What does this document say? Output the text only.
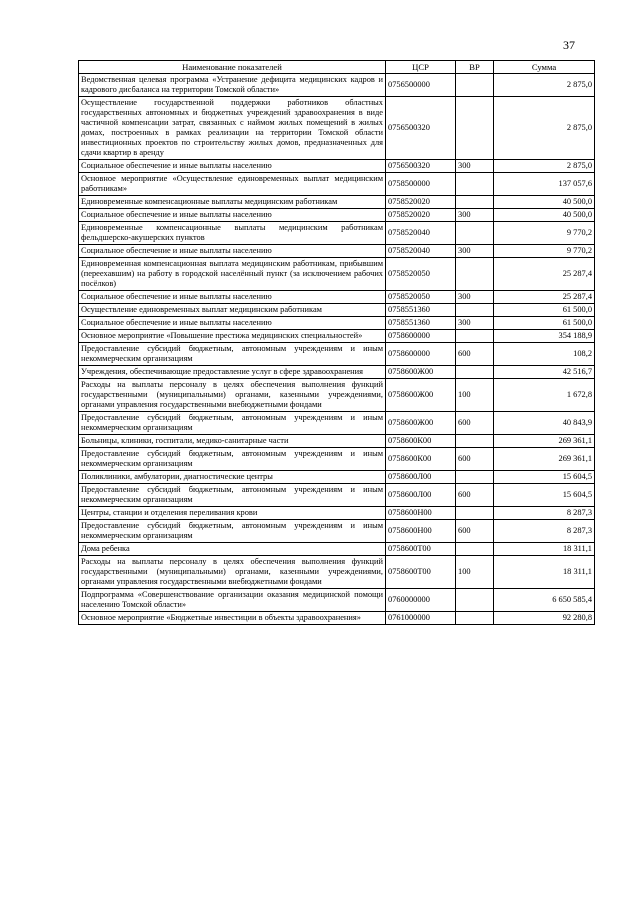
37
Наименование показателей	ЦСР	ВР	Сумма
Ведомственная целевая программа «Устранение дефицита медицинских кадров и кадрового дисбаланса на территории Томской области»	0756500000		2 875,0
Осуществление государственной поддержки работников областных государственных автономных и бюджетных учреждений здравоохранения в виде частичной компенсации затрат, связанных с наймом жилых помещений в жилых домах, построенных в рамках реализации на территории Томской области инвестиционных проектов по строительству жилых домов, предназначенных для сдачи квартир в аренду	0756500320		2 875,0
Социальное обеспечение и иные выплаты населению	0756500320	300	2 875,0
Основное мероприятие «Осуществление единовременных выплат медицинским работникам»	0758500000		137 057,6
Единовременные компенсационные выплаты медицинским работникам	0758520020		40 500,0
Социальное обеспечение и иные выплаты населению	0758520020	300	40 500,0
Единовременные компенсационные выплаты медицинским работникам фельдшерско-акушерских пунктов	0758520040		9 770,2
Социальное обеспечение и иные выплаты населению	0758520040	300	9 770,2
Единовременная компенсационная выплата медицинским работникам, прибывшим (переехавшим) на работу в городской населённый пункт (за исключением рабочих посёлков)	0758520050		25 287,4
Социальное обеспечение и иные выплаты населению	0758520050	300	25 287,4
Осуществление единовременных выплат медицинским работникам	0758551360		61 500,0
Социальное обеспечение и иные выплаты населению	0758551360	300	61 500,0
Основное мероприятие «Повышение престижа медицинских специальностей»	0758600000		354 188,9
Предоставление субсидий бюджетным, автономным учреждениям и иным некоммерческим организациям	0758600000	600	108,2
Учреждения, обеспечивающие предоставление услуг в сфере здравоохранения	0758600Ж00		42 516,7
Расходы на выплаты персоналу в целях обеспечения выполнения функций государственными (муниципальными) органами, казенными учреждениями, органами управления государственными внебюджетными фондами	0758600Ж00	100	1 672,8
Предоставление субсидий бюджетным, автономным учреждениям и иным некоммерческим организациям	0758600Ж00	600	40 843,9
Больницы, клиники, госпитали, медико-санитарные части	0758600К00		269 361,1
Предоставление субсидий бюджетным, автономным учреждениям и иным некоммерческим организациям	0758600К00	600	269 361,1
Поликлиники, амбулатории, диагностические центры	0758600Л00		15 604,5
Предоставление субсидий бюджетным, автономным учреждениям и иным некоммерческим организациям	0758600Л00	600	15 604,5
Центры, станции и отделения переливания крови	0758600Н00		8 287,3
Предоставление субсидий бюджетным, автономным учреждениям и иным некоммерческим организациям	0758600Н00	600	8 287,3
Дома ребенка	0758600Т00		18 311,1
Расходы на выплаты персоналу в целях обеспечения выполнения функций государственными (муниципальными) органами, казенными учреждениями, органами управления государственными внебюджетными фондами	0758600Т00	100	18 311,1
Подпрограмма «Совершенствование организации оказания медицинской помощи населению Томской области»	0760000000		6 650 585,4
Основное мероприятие «Бюджетные инвестиции в объекты здравоохранения»	0761000000		92 280,8
